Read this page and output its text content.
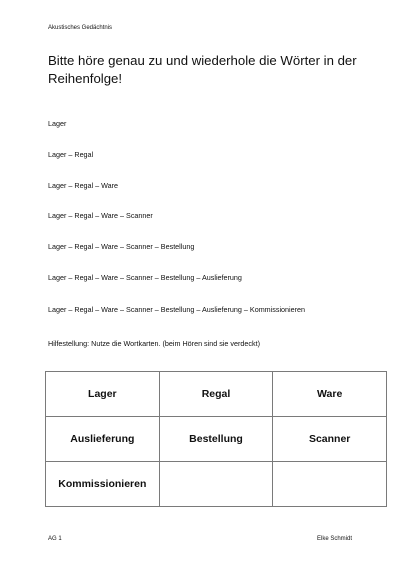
Akustisches Gedächtnis
Bitte höre genau zu und wiederhole die Wörter in der Reihenfolge!
Lager
Lager – Regal
Lager – Regal – Ware
Lager – Regal – Ware – Scanner
Lager – Regal – Ware – Scanner – Bestellung
Lager – Regal – Ware – Scanner – Bestellung – Auslieferung
Lager – Regal – Ware – Scanner – Bestellung – Auslieferung – Kommissionieren
Hilfestellung: Nutze die Wortkarten. (beim Hören sind sie verdeckt)
Lager	Regal	Ware
Auslieferung	Bestellung	Scanner
Kommissionieren		
AG 1	Elke Schmidt
